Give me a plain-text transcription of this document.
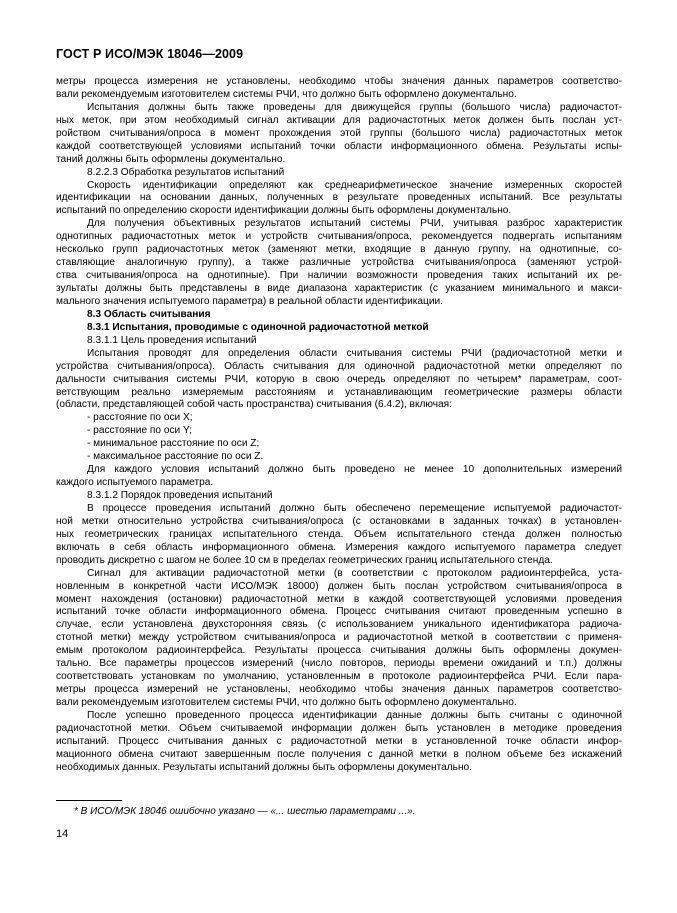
ГОСТ Р ИСО/МЭК 18046—2009
метры процесса измерения не установлены, необходимо чтобы значения данных параметров соответство-
вали рекомендуемым изготовителем системы РЧИ, что должно быть оформлено документально.
Испытания должны быть также проведены для движущейся группы (большого числа) радиочастот-
ных меток, при этом необходимый сигнал активации для радиочастотных меток должен быть послан уст-
ройством считывания/опроса в момент прохождения этой группы (большого числа) радиочастотных меток
каждой соответствующей условиями испытаний точки области информационного обмена. Результаты испы-
таний должны быть оформлены документально.
8.2.2.3 Обработка результатов испытаний
Скорость идентификации определяют как среднеарифметическое значение измеренных скоростей
идентификации на основании данных, полученных в результате проведенных испытаний. Все результаты
испытаний по определению скорости идентификации должны быть оформлены документально.
Для получения объективных результатов испытаний системы РЧИ, учитывая разброс характеристик
однотипных радиочастотных меток и устройств считывания/опроса, рекомендуется подвергать испытаниям
несколько групп радиочастотных меток (заменяют метки, входящие в данную группу, на однотипные, со-
ставляющие аналогичную группу), а также различные устройства считывания/опроса (заменяют устрой-
ства считывания/опроса на однотипные). При наличии возможности проведения таких испытаний их ре-
зультаты должны быть представлены в виде диапазона характеристик (с указанием минимального и макси-
мального значения испытуемого параметра) в реальной области идентификации.
8.3 Область считывания
8.3.1 Испытания, проводимые с одиночной радиочастотной меткой
8.3.1.1 Цель проведения испытаний
Испытания проводят для определения области считывания системы РЧИ (радиочастотной метки и
устройства считывания/опроса). Область считывания для одиночной радиочастотной метки определяют по
дальности считывания системы РЧИ, которую в свою очередь определяют по четырем* параметрам, соот-
ветствующим реально измеряемым расстояниям и устанавливающим геометрические размеры области
(области, представляющей собой часть пространства) считывания (6.4.2), включая:
- расстояние по оси X;
- расстояние по оси Y;
- минимальное расстояние по оси Z;
- максимальное расстояние по оси Z.
Для каждого условия испытаний должно быть проведено не менее 10 дополнительных измерений
каждого испытуемого параметра.
8.3.1.2 Порядок проведения испытаний
В процессе проведения испытаний должно быть обеспечено перемещение испытуемой радиочастот-
ной метки относительно устройства считывания/опроса (с остановками в заданных точках) в установлен-
ных геометрических границах испытательного стенда. Объем испытательного стенда должен полностью
включать в себя область информационного обмена. Измерения каждого испытуемого параметра следует
проводить дискретно с шагом не более 10 см в пределах геометрических границ испытательного стенда.
Сигнал для активации радиочастотной метки (в соответствии с протоколом радиоинтерфейса, уста-
новленным в конкретной части ИСО/МЭК 18000) должен быть послан устройством считывания/опроса в
момент нахождения (остановки) радиочастотной метки в каждой соответствующей условиями проведения
испытаний точке области информационного обмена. Процесс считывания считают проведенным успешно в
случае, если установлена двухсторонняя связь (с использованием уникального идентификатора радиоча-
стотной метки) между устройством считывания/опроса и радиочастотной меткой в соответствии с применя-
емым протоколом радиоинтерфейса. Результаты процесса считывания должны быть оформлены докумен-
тально. Все параметры процессов измерений (число повторов, периоды времени ожиданий и т.п.) должны
соответствовать установкам по умолчанию, установленным в протоколе радиоинтерфейса РЧИ. Если пара-
метры процесса измерений не установлены, необходимо чтобы значения данных параметров соответство-
вали рекомендуемым изготовителем системы РЧИ, что должно быть оформлено документально.
После успешно проведенного процесса идентификации данные должны быть считаны с одиночной
радиочастотной метки. Объем считываемой информации должен быть установлен в методике проведения
испытаний. Процесс считывания данных с радиочастотной метки в установленной точке области инфор-
мационного обмена считают завершенным после получения с данной метки в полном объеме без искажений
необходимых данных. Результаты испытаний должны быть оформлены документально.
* В ИСО/МЭК 18046 ошибочно указано — «... шестью параметрами ...».
14
